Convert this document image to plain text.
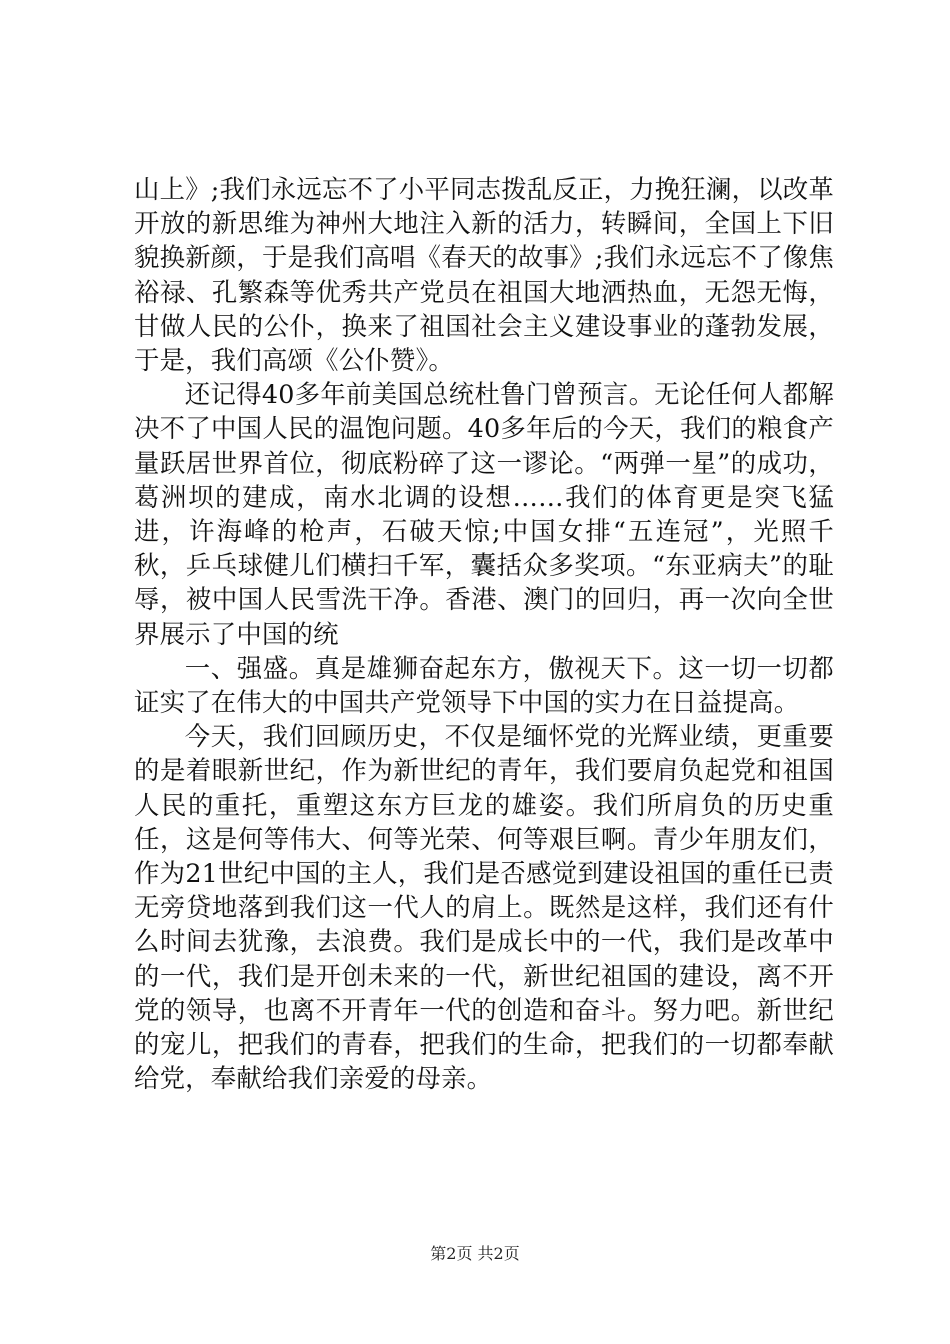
山上》;我们永远忘不了小平同志拨乱反正，力挽狂澜，以改革开放的新思维为神州大地注入新的活力，转瞬间，全国上下旧貌换新颜，于是我们高唱《春天的故事》;我们永远忘不了像焦裕禄、孔繁森等优秀共产党员在祖国大地洒热血，无怨无悔，甘做人民的公仆，换来了祖国社会主义建设事业的蓬勃发展，于是，我们高颂《公仆赞》。

还记得40多年前美国总统杜鲁门曾预言。无论任何人都解决不了中国人民的温饱问题。40多年后的今天，我们的粮食产量跃居世界首位，彻底粉碎了这一谬论。“两弹一星”的成功，葛洲坝的建成，南水北调的设想……我们的体育更是突飞猛进，许海峰的枪声，石破天惊;中国女排“五连冠”，光照千秋，乒乓球健儿们横扫千军，囊括众多奖项。“东亚病夫”的耻辱，被中国人民雪洗干净。香港、澳门的回归，再一次向全世界展示了中国的统

一、强盛。真是雄狮奋起东方，傲视天下。这一切一切都证实了在伟大的中国共产党领导下中国的实力在日益提高。

今天，我们回顾历史，不仅是缅怀党的光辉业绩，更重要的是着眼新世纪，作为新世纪的青年，我们要肩负起党和祖国人民的重托，重塑这东方巨龙的雄姿。我们所肩负的历史重任，这是何等伟大、何等光荣、何等艰巨啊。青少年朋友们，作为21世纪中国的主人，我们是否感觉到建设祖国的重任已责无旁贷地落到我们这一代人的肩上。既然是这样，我们还有什么时间去犹豫，去浪费。我们是成长中的一代，我们是改革中的一代，我们是开创未来的一代，新世纪祖国的建设，离不开党的领导，也离不开青年一代的创造和奋斗。努力吧。新世纪的宠儿，把我们的青春，把我们的生命，把我们的一切都奉献给党，奉献给我们亲爱的母亲。

第2页 共2页
